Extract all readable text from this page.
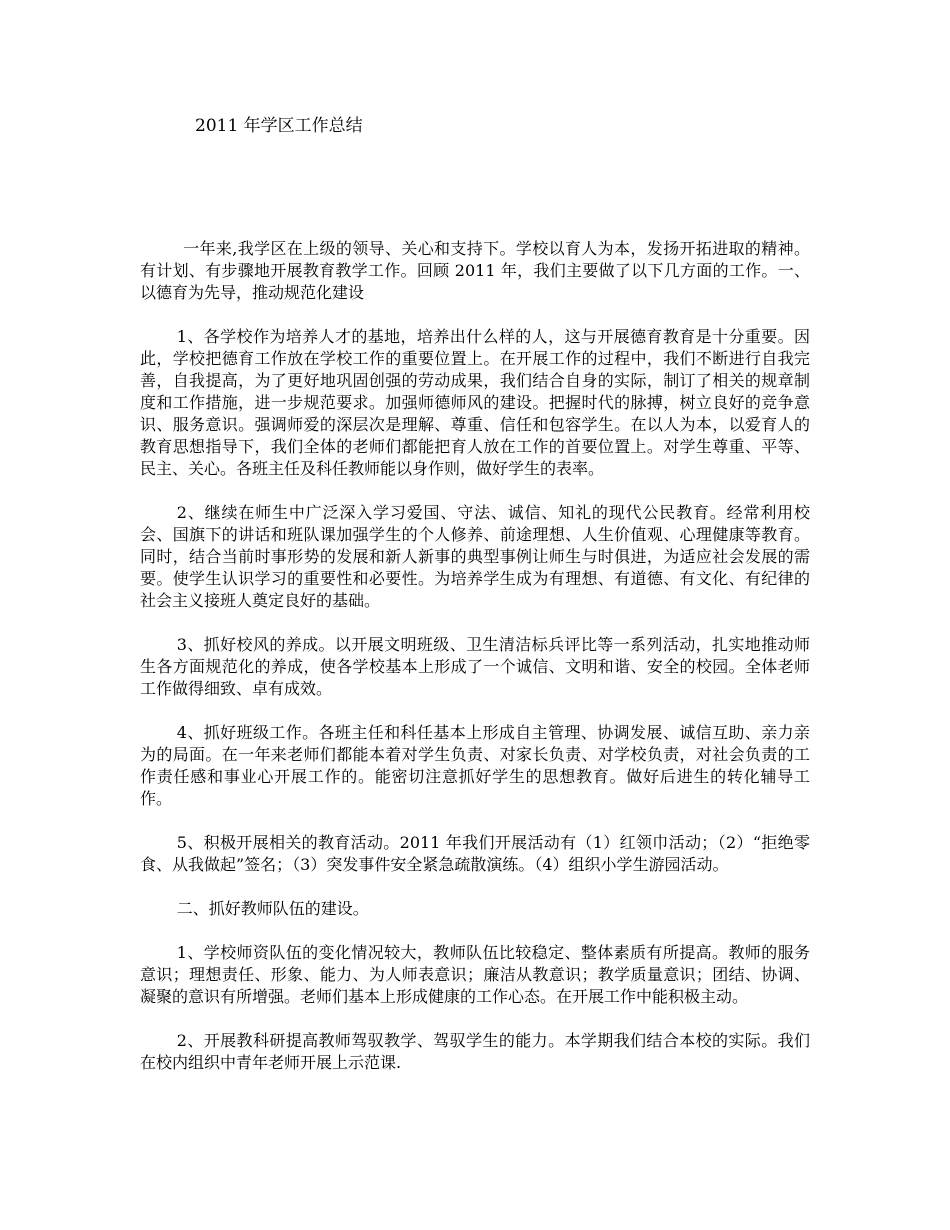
2011 年学区工作总结

一年来,我学区在上级的领导、关心和支持下。学校以育人为本，发扬开拓进取的精神。有计划、有步骤地开展教育教学工作。回顾 2011 年，我们主要做了以下几方面的工作。一、以德育为先导，推动规范化建设

1、各学校作为培养人才的基地，培养出什么样的人，这与开展德育教育是十分重要。因此，学校把德育工作放在学校工作的重要位置上。在开展工作的过程中，我们不断进行自我完善，自我提高，为了更好地巩固创强的劳动成果，我们结合自身的实际，制订了相关的规章制度和工作措施，进一步规范要求。加强师德师风的建设。把握时代的脉搏，树立良好的竞争意识、服务意识。强调师爱的深层次是理解、尊重、信任和包容学生。在以人为本，以爱育人的教育思想指导下，我们全体的老师们都能把育人放在工作的首要位置上。对学生尊重、平等、民主、关心。各班主任及科任教师能以身作则，做好学生的表率。

2、继续在师生中广泛深入学习爱国、守法、诚信、知礼的现代公民教育。经常利用校会、国旗下的讲话和班队课加强学生的个人修养、前途理想、人生价值观、心理健康等教育。同时，结合当前时事形势的发展和新人新事的典型事例让师生与时俱进，为适应社会发展的需要。使学生认识学习的重要性和必要性。为培养学生成为有理想、有道德、有文化、有纪律的社会主义接班人奠定良好的基础。

3、抓好校风的养成。以开展文明班级、卫生清洁标兵评比等一系列活动，扎实地推动师生各方面规范化的养成，使各学校基本上形成了一个诚信、文明和谐、安全的校园。全体老师工作做得细致、卓有成效。

4、抓好班级工作。各班主任和科任基本上形成自主管理、协调发展、诚信互助、亲力亲为的局面。在一年来老师们都能本着对学生负责、对家长负责、对学校负责，对社会负责的工作责任感和事业心开展工作的。能密切注意抓好学生的思想教育。做好后进生的转化辅导工作。

5、积极开展相关的教育活动。2011 年我们开展活动有（1）红领巾活动；（2）“拒绝零食、从我做起”签名；（3）突发事件安全紧急疏散演练。（4）组织小学生游园活动。

二、抓好教师队伍的建设。

1、学校师资队伍的变化情况较大，教师队伍比较稳定、整体素质有所提高。教师的服务意识；理想责任、形象、能力、为人师表意识；廉洁从教意识；教学质量意识；团结、协调、凝聚的意识有所增强。老师们基本上形成健康的工作心态。在开展工作中能积极主动。

2、开展教科研提高教师驾驭教学、驾驭学生的能力。本学期我们结合本校的实际。我们在校内组织中青年老师开展上示范课.
